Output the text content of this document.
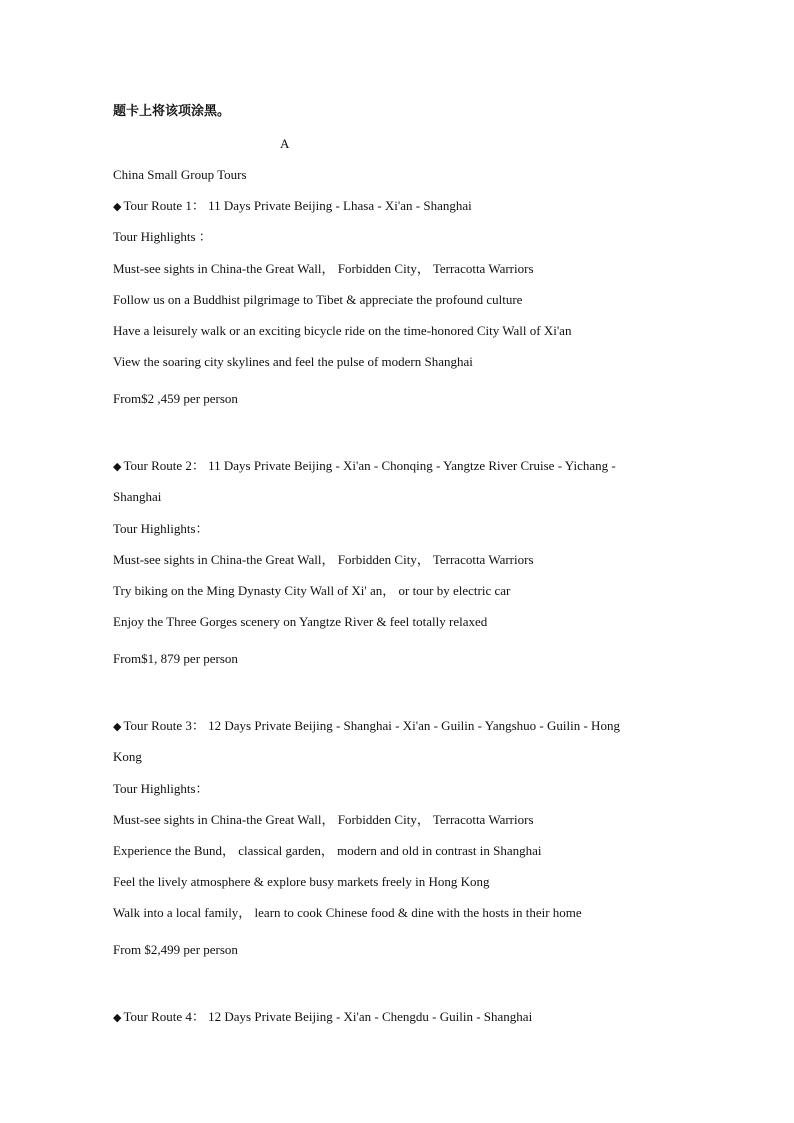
题卡上将该项涂黑。
A
China Small Group Tours
◆ Tour Route 1： 11 Days Private Beijing - Lhasa - Xi'an - Shanghai
Tour Highlights ：
Must-see sights in China-the Great Wall， Forbidden City， Terracotta Warriors
Follow us on a Buddhist pilgrimage to Tibet & appreciate the profound culture
Have a leisurely walk or an exciting bicycle ride on the time-honored City Wall of Xi'an
View the soaring city skylines and feel the pulse of modern Shanghai
From$2 ,459 per person
◆ Tour Route 2： 11 Days Private Beijing - Xi'an - Chonqing - Yangtze River Cruise - Yichang -
Shanghai
Tour Highlights：
Must-see sights in China-the Great Wall， Forbidden City， Terracotta Warriors
Try biking on the Ming Dynasty City Wall of Xi' an， or tour by electric car
Enjoy the Three Gorges scenery on Yangtze River & feel totally relaxed
From$1, 879 per person
◆ Tour Route 3： 12 Days Private Beijing - Shanghai - Xi'an - Guilin - Yangshuo - Guilin - Hong
Kong
Tour Highlights：
Must-see sights in China-the Great Wall， Forbidden City， Terracotta Warriors
Experience the Bund， classical garden， modern and old in contrast in Shanghai
Feel the lively atmosphere & explore busy markets freely in Hong Kong
Walk into a local family， learn to cook Chinese food & dine with the hosts in their home
From $2,499 per person
◆ Tour Route 4： 12 Days Private Beijing - Xi'an - Chengdu - Guilin - Shanghai
